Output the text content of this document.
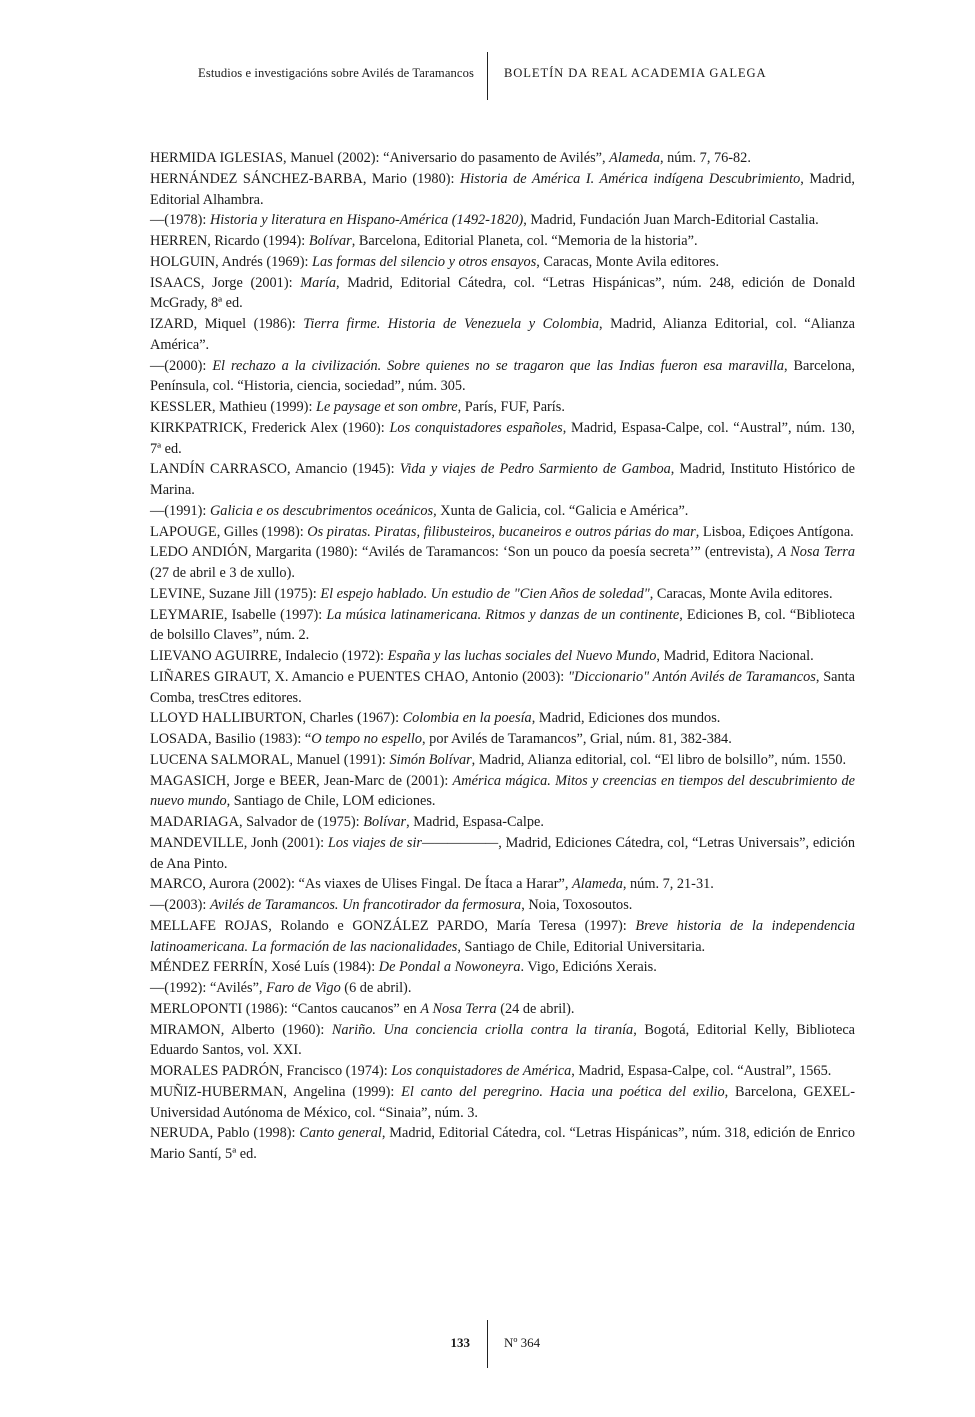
Estudios e investigacións sobre Avilés de Taramancos BOLETÍN DA REAL ACADEMIA GALEGA

HERMIDA IGLESIAS, Manuel (2002): “Aniversario do pasamento de Avilés”, Alameda, núm. 7, 76-82.

HERNÁNDEZ SÁNCHEZ-BARBA, Mario (1980): Historia de América I. América indígena Descubrimiento, Madrid, Editorial Alhambra.

—(1978): Historia y literatura en Hispano-América (1492-1820), Madrid, Fundación Juan March-Editorial Castalia.

HERREN, Ricardo (1994): Bolívar, Barcelona, Editorial Planeta, col. “Memoria de la historia”.

HOLGUIN, Andrés (1969): Las formas del silencio y otros ensayos, Caracas, Monte Avila editores.

ISAACS, Jorge (2001): María, Madrid, Editorial Cátedra, col. “Letras Hispánicas”, núm. 248, edición de Donald McGrady, 8ª ed.

IZARD, Miquel (1986): Tierra firme. Historia de Venezuela y Colombia, Madrid, Alianza Editorial, col. “Alianza América”.

—(2000): El rechazo a la civilización. Sobre quienes no se tragaron que las Indias fueron esa maravilla, Barcelona, Península, col. “Historia, ciencia, sociedad”, núm. 305.

KESSLER, Mathieu (1999): Le paysage et son ombre, París, FUF, París.

KIRKPATRICK, Frederick Alex (1960): Los conquistadores españoles, Madrid, Espasa-Calpe, col. “Austral”, núm. 130, 7ª ed.

LANDÍN CARRASCO, Amancio (1945): Vida y viajes de Pedro Sarmiento de Gamboa, Madrid, Instituto Histórico de Marina.

—(1991): Galicia e os descubrimentos oceánicos, Xunta de Galicia, col. “Galicia e América”.

LAPOUGE, Gilles (1998): Os piratas. Piratas, filibusteiros, bucaneiros e outros párias do mar, Lisboa, Ediçoes Antígona.

LEDO ANDIÓN, Margarita (1980): “Avilés de Taramancos: ‘Son un pouco da poesía secreta’” (entrevista), A Nosa Terra (27 de abril e 3 de xullo).

LEVINE, Suzane Jill (1975): El espejo hablado. Un estudio de "Cien Años de soledad", Caracas, Monte Avila editores.

LEYMARIE, Isabelle (1997): La música latinamericana. Ritmos y danzas de un continente, Ediciones B, col. “Biblioteca de bolsillo Claves”, núm. 2.

LIEVANO AGUIRRE, Indalecio (1972): España y las luchas sociales del Nuevo Mundo, Madrid, Editora Nacional.

LIÑARES GIRAUT, X. Amancio e PUENTES CHAO, Antonio (2003): "Diccionario" Antón Avilés de Taramancos, Santa Comba, tresCtres editores.

LLOYD HALLIBURTON, Charles (1967): Colombia en la poesía, Madrid, Ediciones dos mundos.

LOSADA, Basilio (1983): “O tempo no espello, por Avilés de Taramancos”, Grial, núm. 81, 382-384.

LUCENA SALMORAL, Manuel (1991): Simón Bolívar, Madrid, Alianza editorial, col. “El libro de bolsillo”, núm. 1550.

MAGASICH, Jorge e BEER, Jean-Marc de (2001): América mágica. Mitos y creencias en tiempos del descubrimiento de nuevo mundo, Santiago de Chile, LOM ediciones.

MADARIAGA, Salvador de (1975): Bolívar, Madrid, Espasa-Calpe.

MANDEVILLE, Jonh (2001): Los viajes de sir——————, Madrid, Ediciones Cátedra, col, “Letras Universais”, edición de Ana Pinto.

MARCO, Aurora (2002): “As viaxes de Ulises Fingal. De Ítaca a Harar”, Alameda, núm. 7, 21-31.

—(2003): Avilés de Taramancos. Un francotirador da fermosura, Noia, Toxosoutos.

MELLAFE ROJAS, Rolando e GONZÁLEZ PARDO, María Teresa (1997): Breve historia de la independencia latinoamericana. La formación de las nacionalidades, Santiago de Chile, Editorial Universitaria.

MÉNDEZ FERRÍN, Xosé Luís (1984): De Pondal a Nowoneyra. Vigo, Edicións Xerais.

—(1992): “Avilés”, Faro de Vigo (6 de abril).

MERLOPONTI (1986): “Cantos caucanos” en A Nosa Terra (24 de abril).

MIRAMON, Alberto (1960): Nariño. Una conciencia criolla contra la tiranía, Bogotá, Editorial Kelly, Biblioteca Eduardo Santos, vol. XXI.

MORALES PADRÓN, Francisco (1974): Los conquistadores de América, Madrid, Espasa-Calpe, col. “Austral”, 1565.

MUÑIZ-HUBERMAN, Angelina (1999): El canto del peregrino. Hacia una poética del exilio, Barcelona, GEXEL-Universidad Autónoma de México, col. “Sinaia”, núm. 3.

NERUDA, Pablo (1998): Canto general, Madrid, Editorial Cátedra, col. “Letras Hispánicas”, núm. 318, edición de Enrico Mario Santí, 5ª ed.

133	Nº 364
